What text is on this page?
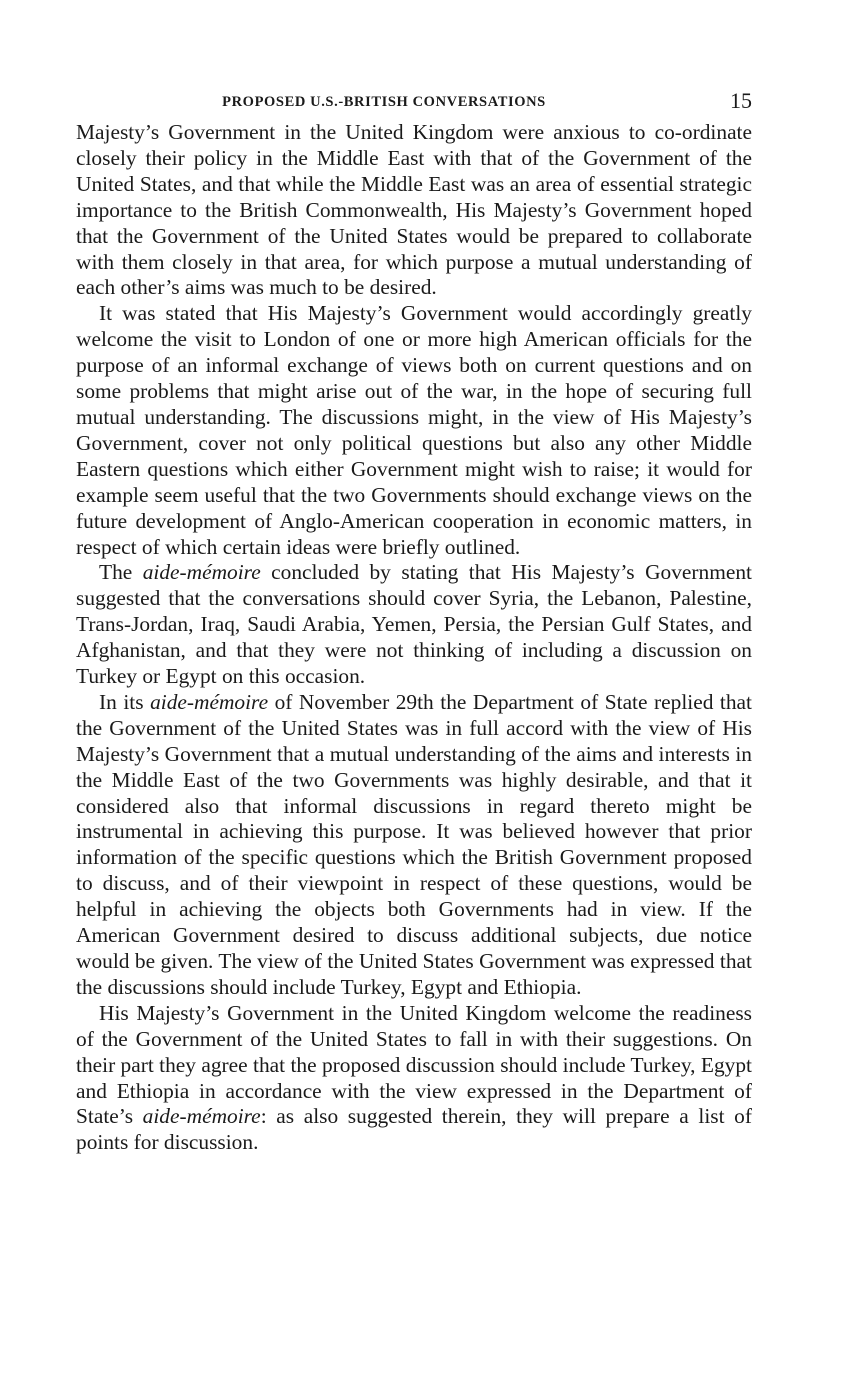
PROPOSED U.S.-BRITISH CONVERSATIONS	15

Majesty’s Government in the United Kingdom were anxious to co-ordinate closely their policy in the Middle East with that of the Government of the United States, and that while the Middle East was an area of essential strategic importance to the British Commonwealth, His Majesty’s Government hoped that the Government of the United States would be prepared to collaborate with them closely in that area, for which purpose a mutual understanding of each other’s aims was much to be desired.

It was stated that His Majesty’s Government would accordingly greatly welcome the visit to London of one or more high American officials for the purpose of an informal exchange of views both on current questions and on some problems that might arise out of the war, in the hope of securing full mutual understanding. The discussions might, in the view of His Majesty’s Government, cover not only political questions but also any other Middle Eastern questions which either Government might wish to raise; it would for example seem useful that the two Governments should exchange views on the future development of Anglo-American cooperation in economic matters, in respect of which certain ideas were briefly outlined.

The aide-mémoire concluded by stating that His Majesty’s Government suggested that the conversations should cover Syria, the Lebanon, Palestine, Trans-Jordan, Iraq, Saudi Arabia, Yemen, Persia, the Persian Gulf States, and Afghanistan, and that they were not thinking of including a discussion on Turkey or Egypt on this occasion.

In its aide-mémoire of November 29th the Department of State replied that the Government of the United States was in full accord with the view of His Majesty’s Government that a mutual understanding of the aims and interests in the Middle East of the two Governments was highly desirable, and that it considered also that informal discussions in regard thereto might be instrumental in achieving this purpose. It was believed however that prior information of the specific questions which the British Government proposed to discuss, and of their viewpoint in respect of these questions, would be helpful in achieving the objects both Governments had in view. If the American Government desired to discuss additional subjects, due notice would be given. The view of the United States Government was expressed that the discussions should include Turkey, Egypt and Ethiopia.

His Majesty’s Government in the United Kingdom welcome the readiness of the Government of the United States to fall in with their suggestions. On their part they agree that the proposed discussion should include Turkey, Egypt and Ethiopia in accordance with the view expressed in the Department of State’s aide-mémoire: as also suggested therein, they will prepare a list of points for discussion.
